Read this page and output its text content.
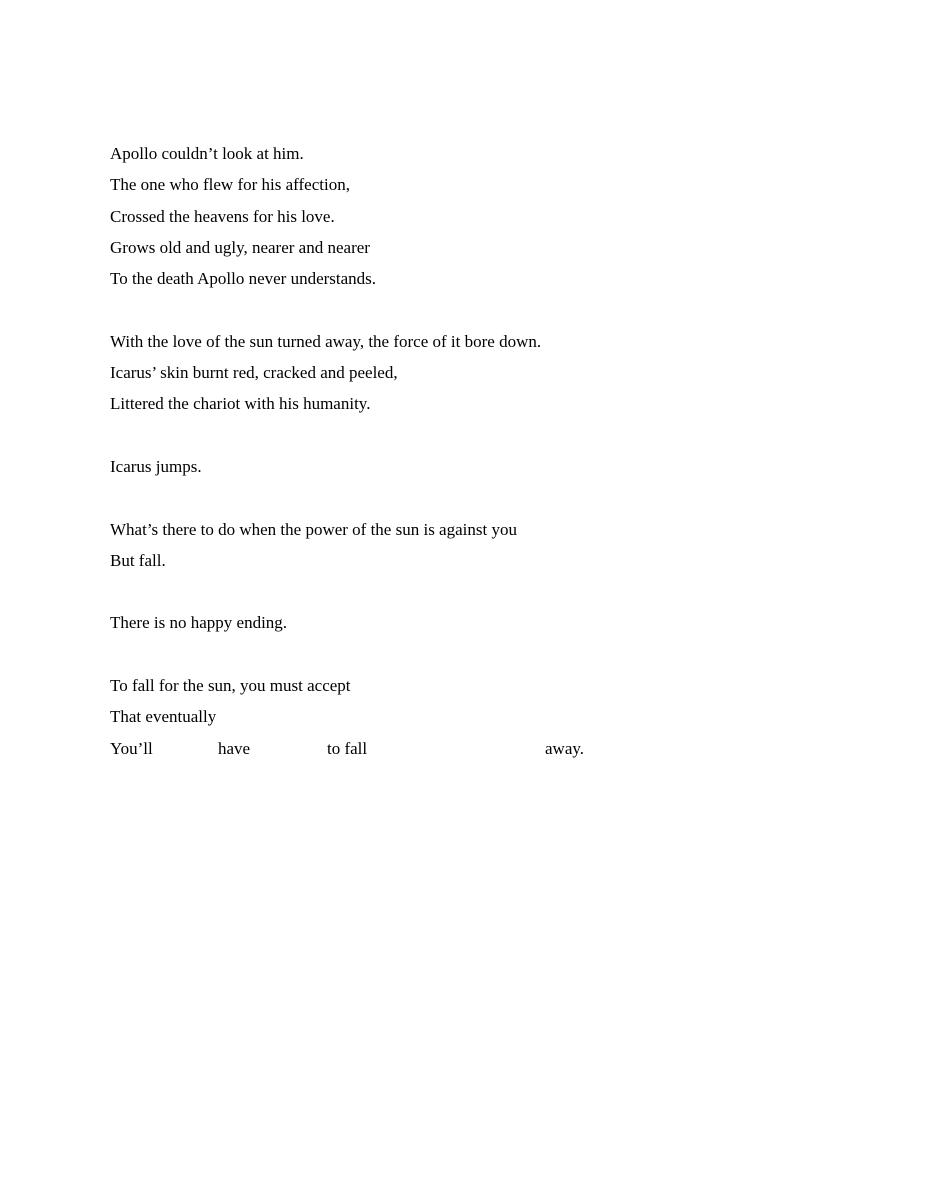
Apollo couldn’t look at him.
The one who flew for his affection,
Crossed the heavens for his love.
Grows old and ugly, nearer and nearer
To the death Apollo never understands.
With the love of the sun turned away, the force of it bore down.
Icarus’ skin burnt red, cracked and peeled,
Littered the chariot with his humanity.
Icarus jumps.
What’s there to do when the power of the sun is against you
But fall.
There is no happy ending.
To fall for the sun, you must accept
That eventually
You’ll	have	to fall	away.
